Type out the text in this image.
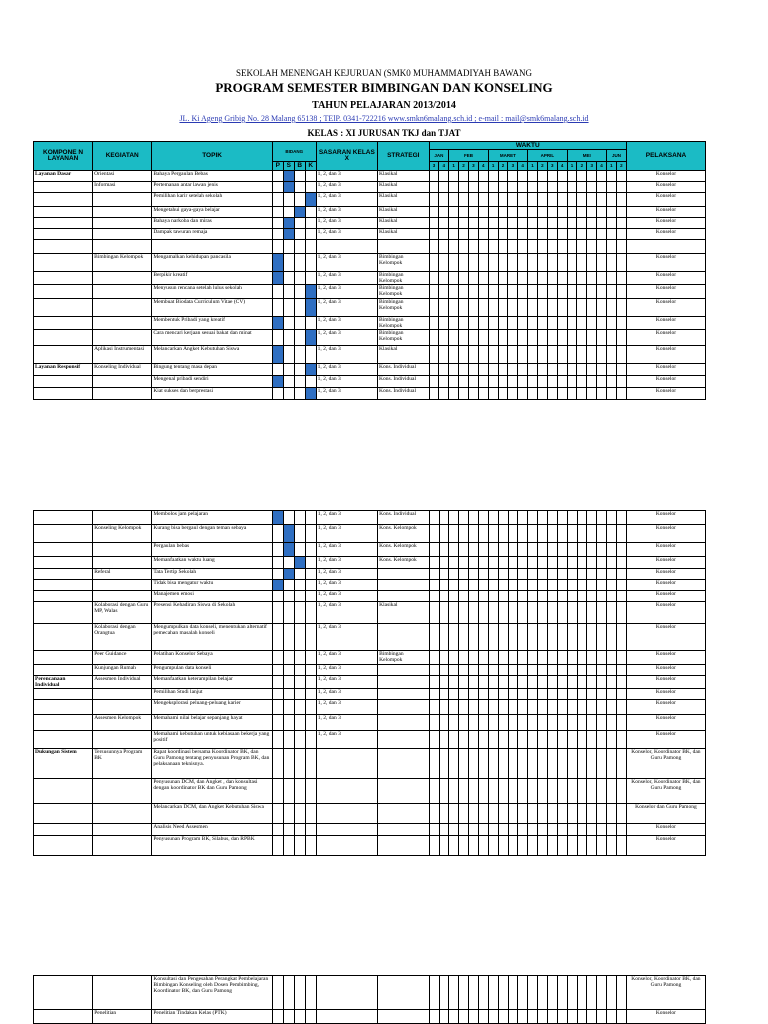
SEKOLAH MENENGAH KEJURUAN (SMK0 MUHAMMADIYAH BAWANG
PROGRAM SEMESTER BIMBINGAN DAN KONSELING
TAHUN PELAJARAN 2013/2014
JL. Ki Ageng Gribig No. 28 Malang 65138 ; TElP. 0341-722216 www.smkn6malang.sch.id ; e-mail : mail@smk6malang.sch.id
KELAS : XI JURUSAN TKJ dan TJAT
KOMPONE N LAYANAN	KEGIATAN	TOPIK	BIDANG				SASARAN KELAS X	STRATEGI	WAKTU																				PELAKSANA
									JAN		FEB				MARET				APRIL				MEI				JUN		
			P	S	B	K			3	4	1	2	3	4	1	2	3	4	1	2	3	4	1	2	3	4	1	2	
Layanan Dasar	Orientasi	Bahaya Pergaulan Bebas					1, 2, dan 3	Klasikal																					Konselor
	Informasi	Pertemanan antar lawan jenis					1, 2, dan 3	Klasikal																					Konselor
		Pemilihan karir setelah sekolah					1, 2, dan 3	Klasikal																					Konselor
		Mengetahui gaya-gaya belajar					1, 2, dan 3	Klasikal																					Konselor
		Bahaya narkoba dan miras					1, 2, dan 3	Klasikal																					Konselor
		Dampak tawuran remaja					1, 2, dan 3	Klasikal																					Konselor

	Bimbingan Kelompok	Mengamalkan kehidupan pancasila					1, 2, dan 3	Bimbingan Kelompok																					Konselor
		Berpikir kreatif					1, 2, dan 3	Bimbingan Kelompok																					Konselor
		Menyusun rencana setelah lulus sekolah					1, 2, dan 3	Bimbingan Kelompok																					Konselor
		Membuat Biodata Curriculum Vitae (CV)					1, 2, dan 3	Bimbingan Kelompok																					Konselor
		Membentuk Pribadi yang kreatif					1, 2, dan 3	Bimbingan Kelompok																					Konselor
		Cara mencari kerjaan sesuai bakat dan minat					1, 2, dan 3	Bimbingan Kelompok																					Konselor
	Aplikasi Instrumentasi	Melancarkan Angket Kebutuhan Siswa					1, 2, dan 3	Klasikal																					Konselor
Layanan Responsif	Konseling Individual	Bingung tentang masa depan					1, 2, dan 3	Kons. Individual																					Konselor
		Mengenal pribadi sendiri					1, 2, dan 3	Kons. Individual																					Konselor
		Kiat sukses dan berprestasi					1, 2, dan 3	Kons. Individual																					Konselor
		Membolos jam pelajaran					1, 2, dan 3	Kons. Individual																					Konselor
	Konseling Kelompok	Kurang bisa bergaul dengan teman sebaya					1, 2, dan 3	Kons. Kelompok																					Konselor
		Pergaulan bebas					1, 2, dan 3	Kons. Kelompok																					Konselor
		Memanfaatkan waktu luang					1, 2, dan 3	Kons. Kelompok																					Konselor
	Referal	Tata Tertip Sekolah					1, 2, dan 3																						Konselor
		Tidak bisa mengatur waktu					1, 2, dan 3																						Konselor
		Manajemen emosi					1, 2, dan 3																						Konselor
	Kolaborasi dengan Guru MP, Walas	Presensi Kehadiran Siswa di Sekolah					1, 2, dan 3	Klasikal																					Konselor
	Kolaborasi dengan Orangtua	Mengumpulkan data konseli, menentukan alternatif pemecahan masalah konseli					1, 2, dan 3																						Konselor
	Peer Guidance	Pelatihan Konselor Sebaya					1, 2, dan 3	Bimbingan Kelompok																					Konselor
	Kunjungan Rumah	Pengumpulan data konseli					1, 2, dan 3																						Konselor
Perencanaan Individual	Assesmen Individual	Memanfaatkan keterampilan belajar					1, 2, dan 3																						Konselor
		Pemilihan Studi lanjut					1, 2, dan 3																						Konselor
		Mengeksplorasi peluang-peluang karier					1, 2, dan 3																						Konselor
	Assesmen Kelompok	Memahami nilai belajar sepanjang hayat					1, 2, dan 3																						Konselor
		Memahami kebutuhan untuk kebiasaan bekerja yang positif					1, 2, dan 3																						Konselor
Dukungan Sistem	Tersusunnya Program BK	Rapat koordinasi bersama Koordinator BK, dan Guru Pamong tentang penyusunan Program BK, dan pelaksanaan teknisnya.																											Konselor, Koordinator BK, dan Guru Pamong
		Penyusunan DCM, dan Angket , dan konsultasi dengan koordinator BK dan Guru Pamong																											Konselor, Koordinator BK, dan Guru Pamong
		Melancarkan DCM, dan Angket Kebutuhan Siswa																											Konselor dan Guru Pamong
		Analisis Need Assesmen																											Konselor
		Penyusunan Program BK, Silabus, dan RPBK																											Konselor
		Konsultasi dan Pengesahan Perangkat Pembelajaran Bimbingan Konseling oleh Dosen Pembimbing, Koordinator BK, dan Guru Pamong																											Konselor, Koordinator BK, dan Guru Pamong
	Penelitian	Penelitian Tindakan Kelas (PTK)																											Konselor
